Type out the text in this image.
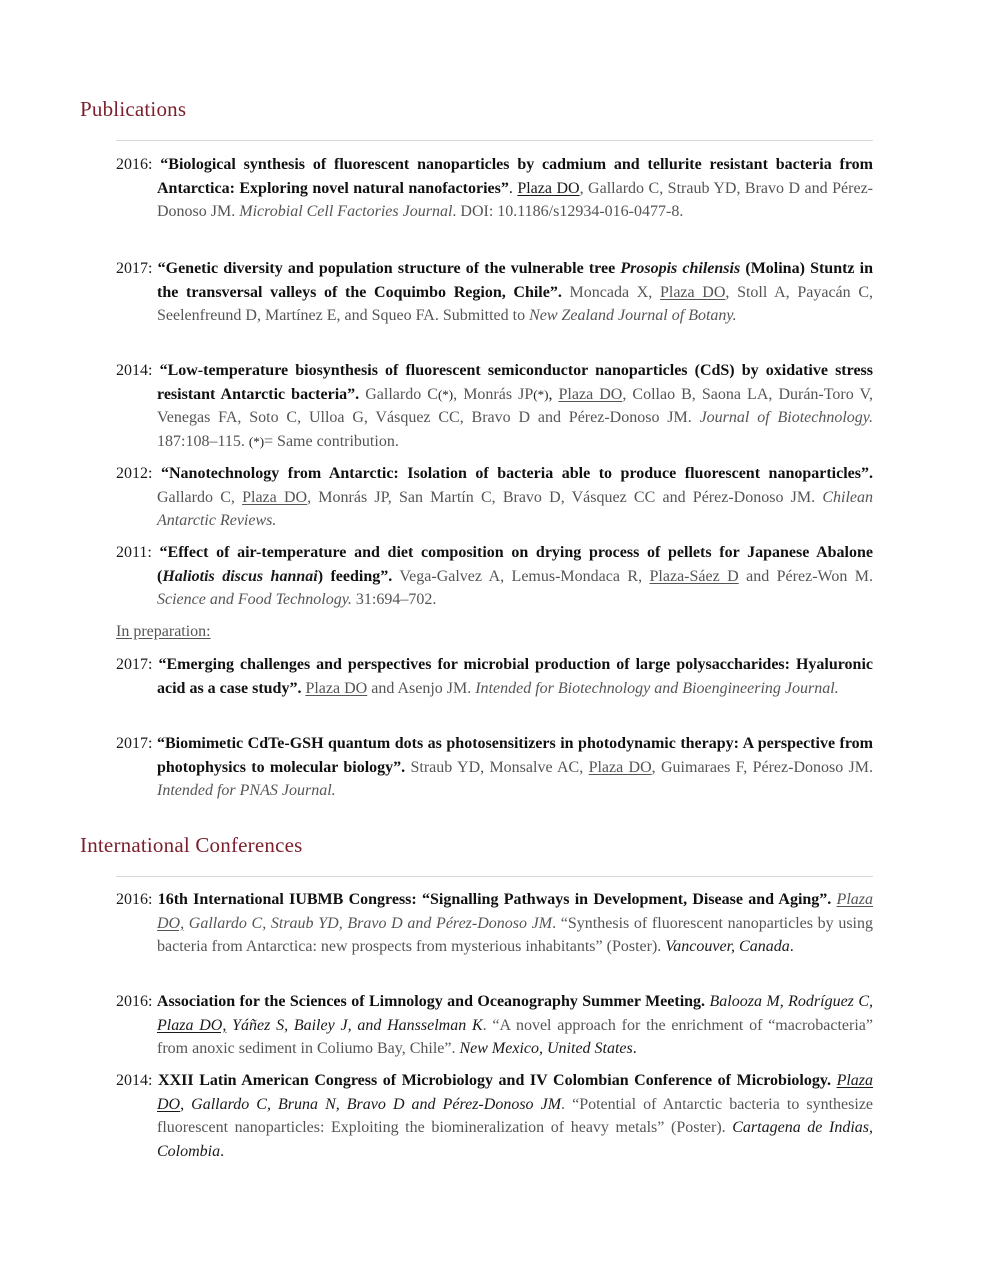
Publications

2016: “Biological synthesis of fluorescent nanoparticles by cadmium and tellurite resistant bacteria from Antarctica: Exploring novel natural nanofactories”. Plaza DO, Gallardo C, Straub YD, Bravo D and Pérez-Donoso JM. Microbial Cell Factories Journal. DOI: 10.1186/s12934-016-0477-8.

2017: “Genetic diversity and population structure of the vulnerable tree Prosopis chilensis (Molina) Stuntz in the transversal valleys of the Coquimbo Region, Chile”. Moncada X, Plaza DO, Stoll A, Payacán C, Seelenfreund D, Martínez E, and Squeo FA. Submitted to New Zealand Journal of Botany.

2014: “Low-temperature biosynthesis of fluorescent semiconductor nanoparticles (CdS) by oxidative stress resistant Antarctic bacteria”. Gallardo C(*), Monrás JP(*), Plaza DO, Collao B, Saona LA, Durán-Toro V, Venegas FA, Soto C, Ulloa G, Vásquez CC, Bravo D and Pérez-Donoso JM. Journal of Biotechnology. 187:108–115. (*)= Same contribution.

2012: “Nanotechnology from Antarctic: Isolation of bacteria able to produce fluorescent nanoparticles”. Gallardo C, Plaza DO, Monrás JP, San Martín C, Bravo D, Vásquez CC and Pérez-Donoso JM. Chilean Antarctic Reviews.

2011: “Effect of air-temperature and diet composition on drying process of pellets for Japanese Abalone (Haliotis discus hannai) feeding”. Vega-Galvez A, Lemus-Mondaca R, Plaza-Sáez D and Pérez-Won M. Science and Food Technology. 31:694–702.

In preparation:

2017: “Emerging challenges and perspectives for microbial production of large polysaccharides: Hyaluronic acid as a case study”. Plaza DO and Asenjo JM. Intended for Biotechnology and Bioengineering Journal.

2017: “Biomimetic CdTe-GSH quantum dots as photosensitizers in photodynamic therapy: A perspective from photophysics to molecular biology”. Straub YD, Monsalve AC, Plaza DO, Guimaraes F, Pérez-Donoso JM. Intended for PNAS Journal.

International Conferences

2016: 16th International IUBMB Congress: “Signalling Pathways in Development, Disease and Aging”. Plaza DO, Gallardo C, Straub YD, Bravo D and Pérez-Donoso JM. “Synthesis of fluorescent nanoparticles by using bacteria from Antarctica: new prospects from mysterious inhabitants” (Poster). Vancouver, Canada.

2016: Association for the Sciences of Limnology and Oceanography Summer Meeting. Balooza M, Rodríguez C, Plaza DO, Yáñez S, Bailey J, and Hansselman K. “A novel approach for the enrichment of “macrobacteria” from anoxic sediment in Coliumo Bay, Chile”. New Mexico, United States.

2014: XXII Latin American Congress of Microbiology and IV Colombian Conference of Microbiology. Plaza DO, Gallardo C, Bruna N, Bravo D and Pérez-Donoso JM. “Potential of Antarctic bacteria to synthesize fluorescent nanoparticles: Exploiting the biomineralization of heavy metals” (Poster). Cartagena de Indias, Colombia.
